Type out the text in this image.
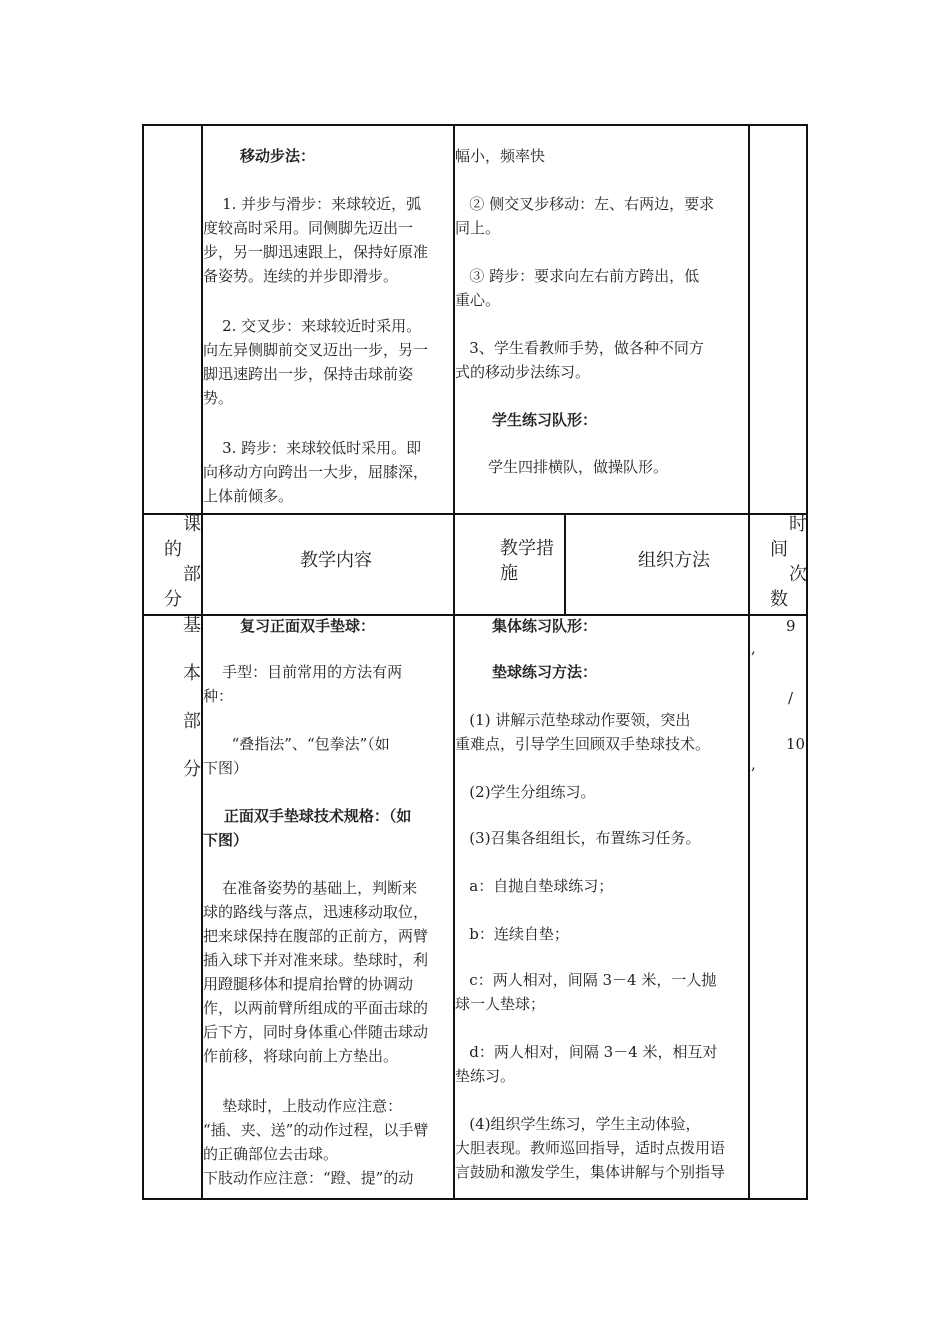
移动步法：
1. 并步与滑步：来球较近，弧
度较高时采用。同侧脚先迈出一
步，另一脚迅速跟上，保持好原准
备姿势。连续的并步即滑步。
2. 交叉步：来球较近时采用。
向左异侧脚前交叉迈出一步，另一
脚迅速跨出一步，保持击球前姿
势。
3. 跨步：来球较低时采用。即
向移动方向跨出一大步，屈膝深，
上体前倾多。
幅小，频率快
② 侧交叉步移动：左、右两边，要求
同上。
③ 跨步：要求向左右前方跨出，低
重心。
3、学生看教师手势，做各种不同方
式的移动步法练习。
学生练习队形：
学生四排横队，做操队形。
课
的
部
分
教学内容
教学措
施
组织方法
时
间
次
数
基
本
部
分
复习正面双手垫球：
手型：目前常用的方法有两
种：
“叠指法”、“包拳法”（如
下图）
正面双手垫球技术规格：（如
下图）
在准备姿势的基础上，判断来
球的路线与落点，迅速移动取位，
把来球保持在腹部的正前方，两臂
插入球下并对准来球。垫球时，利
用蹬腿移体和提肩抬臂的协调动
作，以两前臂所组成的平面击球的
后下方，同时身体重心伴随击球动
作前移，将球向前上方垫出。
垫球时，上肢动作应注意：
“插、夹、送”的动作过程，以手臂
的正确部位去击球。
下肢动作应注意：“蹬、提”的动
集体练习队形：
垫球练习方法：
(1) 讲解示范垫球动作要领，突出
重难点，引导学生回顾双手垫球技术。
(2)学生分组练习。
(3)召集各组组长，布置练习任务。
a：自抛自垫球练习；
b：连续自垫；
c：两人相对，间隔 3－4 米，一人抛
球一人垫球；
d：两人相对，间隔 3－4 米，相互对
垫练习。
(4)组织学生练习，学生主动体验，
大胆表现。教师巡回指导，适时点拨用语
言鼓励和激发学生，集体讲解与个别指导
9
,
/
10
,
